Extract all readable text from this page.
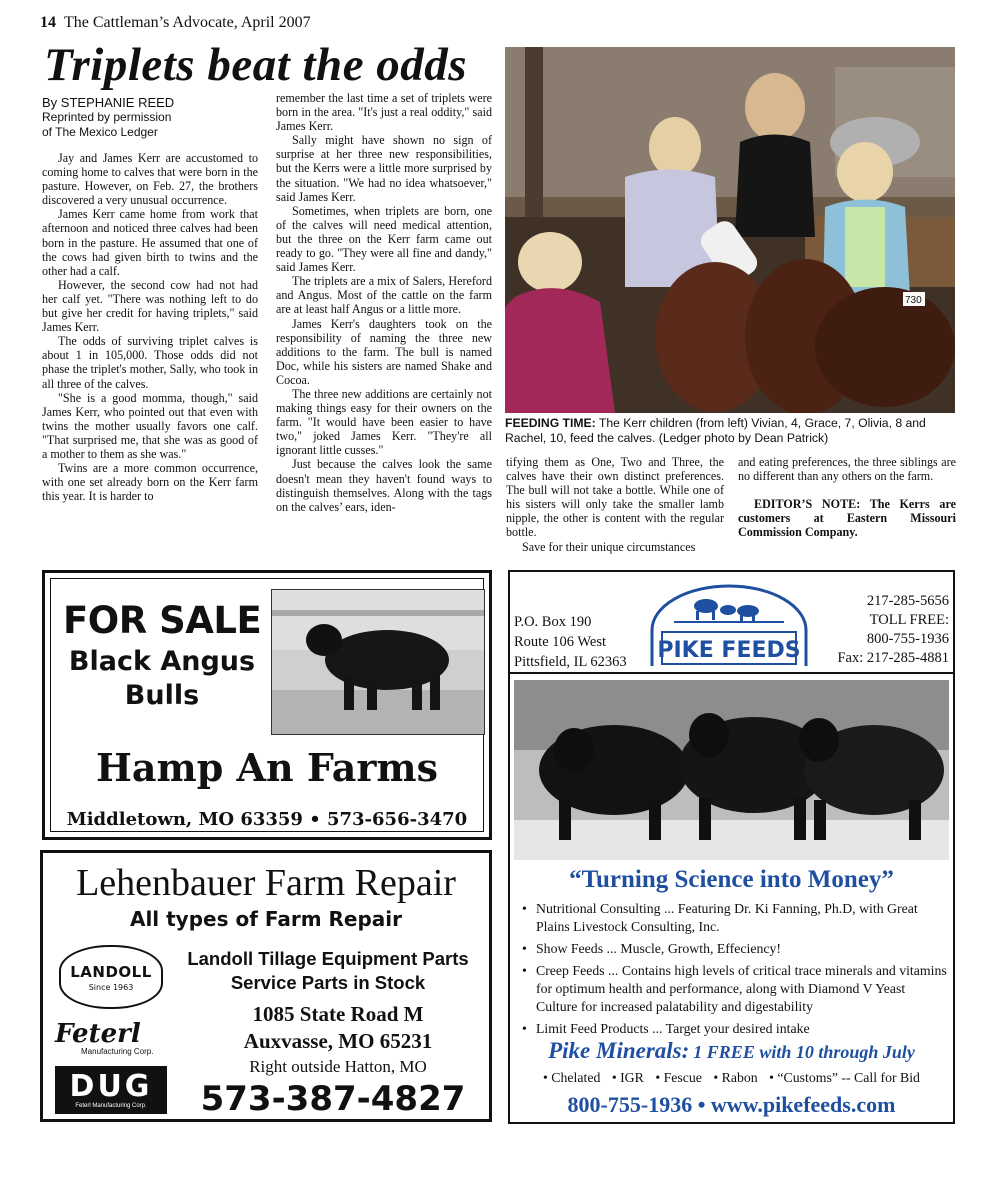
14 The Cattleman’s Advocate, April 2007
Triplets beat the odds
By STEPHANIE REED
Reprinted by permission
of The Mexico Ledger

Jay and James Kerr are accustomed to coming home to calves that were born in the pasture. However, on Feb. 27, the brothers discovered a very unusual occurrence.

James Kerr came home from work that afternoon and noticed three calves had been born in the pasture. He assumed that one of the cows had given birth to twins and the other had a calf.

However, the second cow had not had her calf yet. "There was nothing left to do but give her credit for having triplets," said James Kerr.

The odds of surviving triplet calves is about 1 in 105,000. Those odds did not phase the triplet's mother, Sally, who took in all three of the calves.

"She is a good momma, though," said James Kerr, who pointed out that even with twins the mother usually favors one calf. "That surprised me, that she was as good of a mother to them as she was."

Twins are a more common occurrence, with one set already born on the Kerr farm this year. It is harder to

remember the last time a set of triplets were born in the area. "It's just a real oddity," said James Kerr.

Sally might have shown no sign of surprise at her three new responsibilities, but the Kerrs were a little more surprised by the situation. "We had no idea whatsoever," said James Kerr.

Sometimes, when triplets are born, one of the calves will need medical attention, but the three on the Kerr farm came out ready to go. "They were all fine and dandy," said James Kerr.

The triplets are a mix of Salers, Hereford and Angus. Most of the cattle on the farm are at least half Angus or a little more.

James Kerr's daughters took on the responsibility of naming the three new additions to the farm. The bull is named Doc, while his sisters are named Shake and Cocoa.

The three new additions are certainly not making things easy for their owners on the farm. "It would have been easier to have two," joked James Kerr. "They're all ignorant little cusses."

Just because the calves look the same doesn't mean they haven't found ways to distinguish themselves. Along with the tags on the calves’ ears, iden-

730
FEEDING TIME: The Kerr children (from left) Vivian, 4, Grace, 7, Olivia, 8 and Rachel, 10, feed the calves. (Ledger photo by Dean Patrick)
tifying them as One, Two and Three, the calves have their own distinct preferences. The bull will not take a bottle. While one of his sisters will only take the smaller lamb nipple, the other is content with the regular bottle.

Save for their unique circumstances

and eating preferences, the three siblings are no different than any others on the farm.

EDITOR’S NOTE: The Kerrs are customers at Eastern Missouri Commission Company.

FOR SALE
Black Angus
Bulls
Hamp An Farms
Middletown, MO 63359 • 573-656-3470
Lehenbauer Farm Repair
All types of Farm Repair
LANDOLL
Since 1963
Feterl
Manufacturing Corp.
DUG
Feterl Manufacturing Corp.
Landoll Tillage Equipment Parts
Service Parts in Stock
1085 State Road M
Auxvasse, MO 65231
Right outside Hatton, MO
573-387-4827
P.O. Box 190
Route 106 West
Pittsfield, IL 62363 PIKE FEEDS
217-285-5656
TOLL FREE:
800-755-1936
Fax: 217-285-4881
“Turning Science into Money”
• Nutritional Consulting ... Featuring Dr. Ki Fanning, Ph.D, with Great Plains Livestock Consulting, Inc.
• Show Feeds ... Muscle, Growth, Effeciency!
• Creep Feeds ... Contains high levels of critical trace minerals and vitamins for optimum health and performance, along with Diamond V Yeast Culture for increased palatability and digestability
• Limit Feed Products ... Target your desired intake
Pike Minerals: 1 FREE with 10 through July
• Chelated • IGR • Fescue • Rabon • “Customs” -- Call for Bid
800-755-1936 • www.pikefeeds.com
